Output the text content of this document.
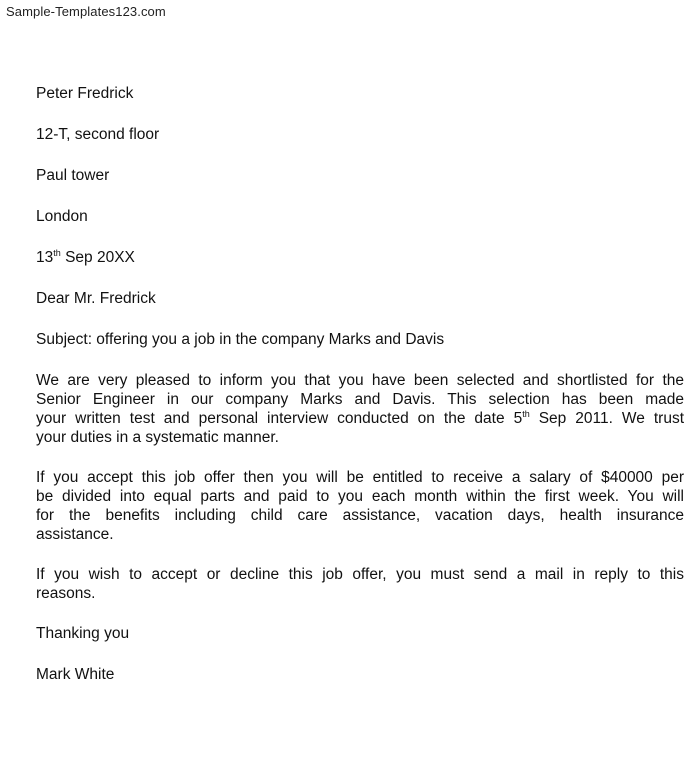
Sample-Templates123.com

Peter Fredrick

12-T, second floor

Paul tower

London

13th Sep 20XX

Dear Mr. Fredrick

Subject: offering you a job in the company Marks and Davis

We are very pleased to inform you that you have been selected and shortlisted for the

Senior Engineer in our company Marks and Davis. This selection has been made

your written test and personal interview conducted on the date 5th Sep 2011. We trust

your duties in a systematic manner.

If you accept this job offer then you will be entitled to receive a salary of $40000 per

be divided into equal parts and paid to you each month within the first week. You will

for the benefits including child care assistance, vacation days, health insurance

assistance.

If you wish to accept or decline this job offer, you must send a mail in reply to this

reasons.

Thanking you

Mark White
